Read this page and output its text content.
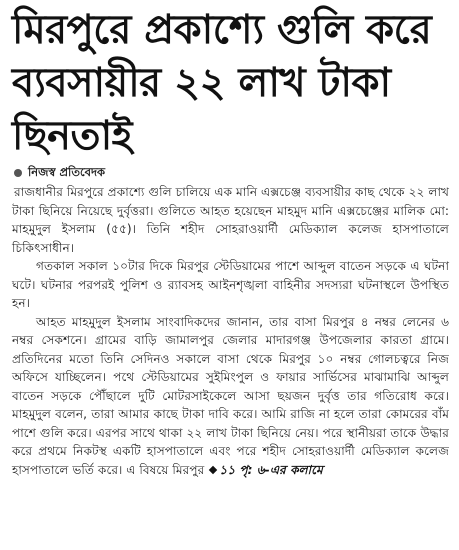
মিরপুরে প্রকাশ্যে গুলি করে ব্যবসায়ীর ২২ লাখ টাকা ছিনতাই
নিজস্ব প্রতিবেদক

রাজধানীর মিরপুরে প্রকাশ্যে গুলি চালিয়ে এক মানি এক্সচেঞ্জ ব্যবসায়ীর কাছ থেকে ২২ লাখ টাকা ছিনিয়ে নিয়েছে দুর্বৃত্তরা। গুলিতে আহত হয়েছেন মাহমুদ মানি এক্সচেঞ্জের মালিক মো: মাহমুদুল ইসলাম (৫৫)। তিনি শহীদ সোহরাওয়ার্দী মেডিক্যাল কলেজ হাসপাতালে চিকিৎসাধীন।

গতকাল সকাল ১০টার দিকে মিরপুর স্টেডিয়ামের পাশে আব্দুল বাতেন সড়কে এ ঘটনা ঘটে। ঘটনার পরপরই পুলিশ ও র‍্যাবসহ আইনশৃঙ্খলা বাহিনীর সদস্যরা ঘটনাস্থলে উপস্থিত হন।

আহত মাহমুদুল ইসলাম সাংবাদিকদের জানান, তার বাসা মিরপুর ৪ নম্বর লেনের ৬ নম্বর সেকশনে। গ্রামের বাড়ি জামালপুর জেলার মাদারগঞ্জ উপজেলার কারতা গ্রামে। প্রতিদিনের মতো তিনি সেদিনও সকালে বাসা থেকে মিরপুর ১০ নম্বর গোলচত্বরে নিজ অফিসে যাচ্ছিলেন। পথে স্টেডিয়ামের সুইমিংপুল ও ফায়ার সার্ভিসের মাঝামাঝি আব্দুল বাতেন সড়কে পৌঁছালে দুটি মোটরসাইকেলে আসা ছয়জন দুর্বৃত্ত তার গতিরোধ করে। মাহমুদুল বলেন, তারা আমার কাছে টাকা দাবি করে। আমি রাজি না হলে তারা কোমরের বাঁম পাশে গুলি করে। এরপর সাথে থাকা ২২ লাখ টাকা ছিনিয়ে নেয়। পরে স্থানীয়রা তাকে উদ্ধার করে প্রথমে নিকটস্থ একটি হাসপাতালে এবং পরে শহীদ সোহরাওয়ার্দী মেডিক্যাল কলেজ হাসপাতালে ভর্তি করে। এ বিষয়ে মিরপুর ১১ পৃ: ৬-এর কলামে
